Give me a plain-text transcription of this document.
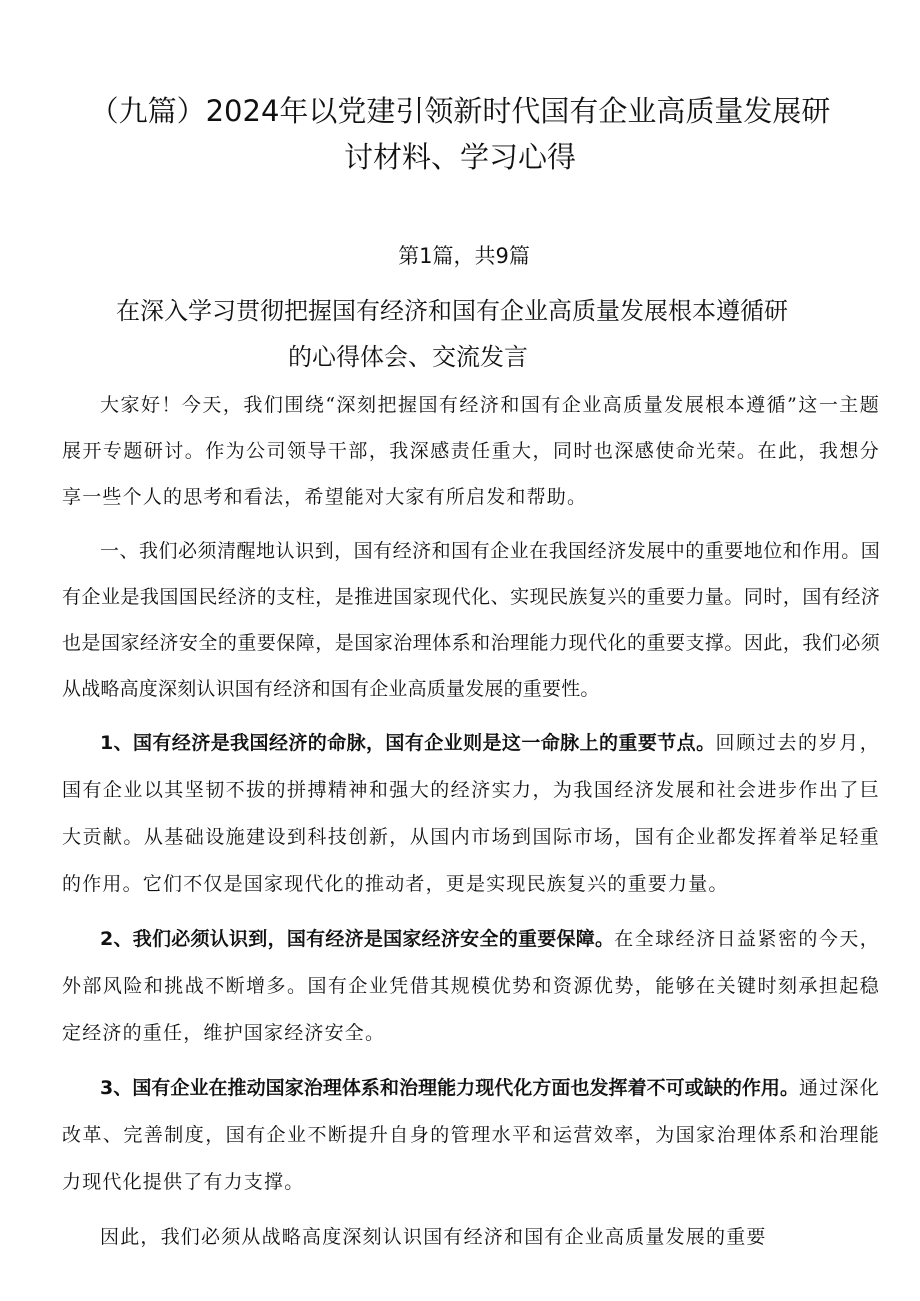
（九篇）2024年以党建引领新时代国有企业高质量发展研讨材料、学习心得
第1篇，共9篇
在深入学习贯彻把握国有经济和国有企业高质量发展根本遵循研
的心得体会、交流发言

大家好！今天，我们围绕“深刻把握国有经济和国有企业高质量发展根本遵循”这一主题展开专题研讨。作为公司领导干部，我深感责任重大，同时也深感使命光荣。在此，我想分享一些个人的思考和看法，希望能对大家有所启发和帮助。

一、我们必须清醒地认识到，国有经济和国有企业在我国经济发展中的重要地位和作用。国有企业是我国国民经济的支柱，是推进国家现代化、实现民族复兴的重要力量。同时，国有经济也是国家经济安全的重要保障，是国家治理体系和治理能力现代化的重要支撑。因此，我们必须从战略高度深刻认识国有经济和国有企业高质量发展的重要性。

1、国有经济是我国经济的命脉，国有企业则是这一命脉上的重要节点。回顾过去的岁月，国有企业以其坚韧不拔的拼搏精神和强大的经济实力，为我国经济发展和社会进步作出了巨大贡献。从基础设施建设到科技创新，从国内市场到国际市场，国有企业都发挥着举足轻重的作用。它们不仅是国家现代化的推动者，更是实现民族复兴的重要力量。

2、我们必须认识到，国有经济是国家经济安全的重要保障。在全球经济日益紧密的今天，外部风险和挑战不断增多。国有企业凭借其规模优势和资源优势，能够在关键时刻承担起稳定经济的重任，维护国家经济安全。

3、国有企业在推动国家治理体系和治理能力现代化方面也发挥着不可或缺的作用。通过深化改革、完善制度，国有企业不断提升自身的管理水平和运营效率，为国家治理体系和治理能力现代化提供了有力支撑。

因此，我们必须从战略高度深刻认识国有经济和国有企业高质量发展的重要
